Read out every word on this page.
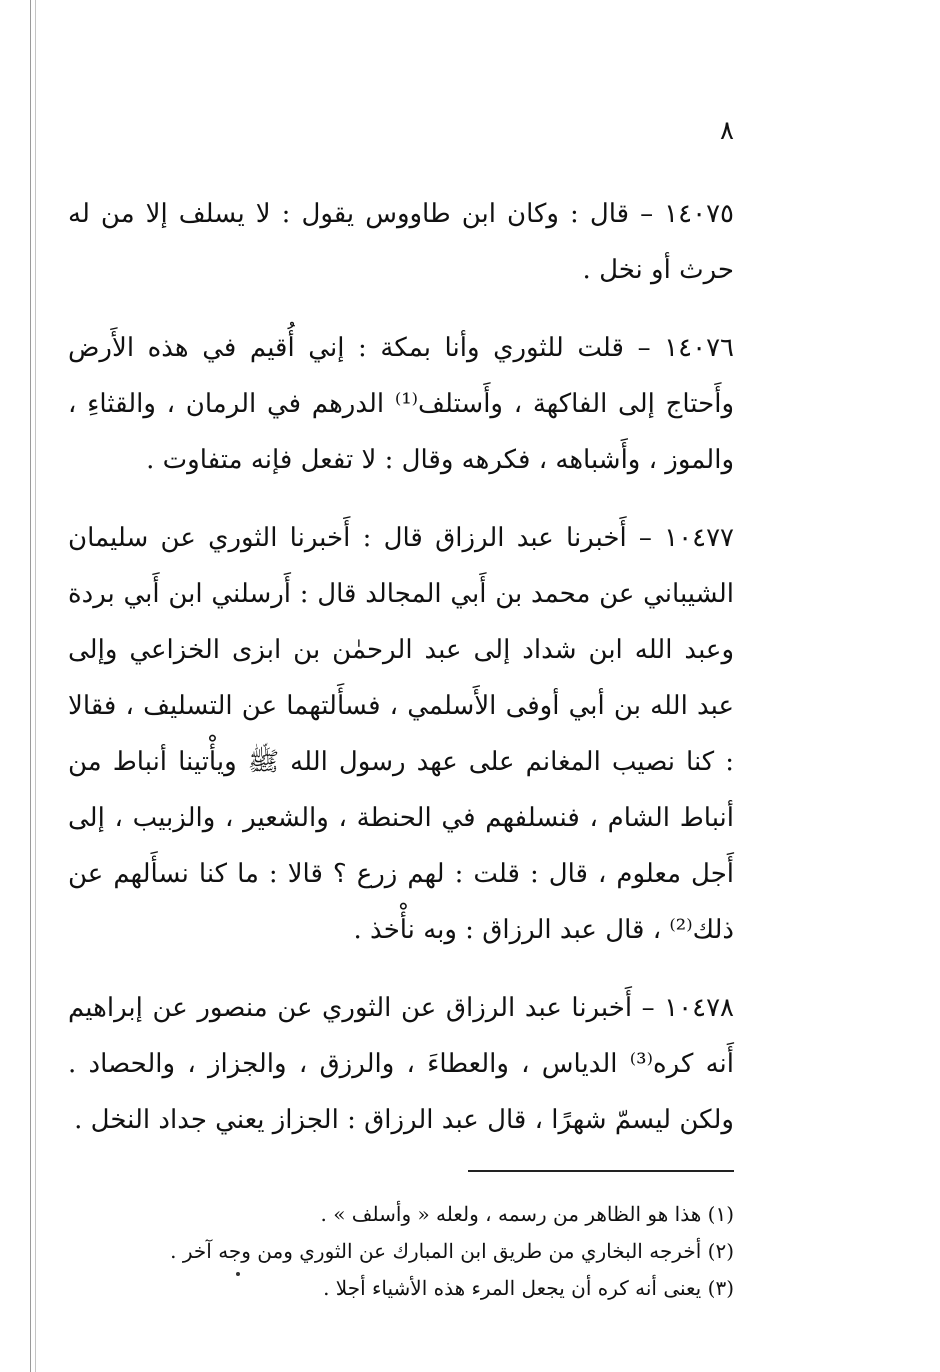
٨
١٤٠٧٥ – قال : وكان ابن طاووس يقول : لا يسلف إلا من له حرث أو نخل .
١٤٠٧٦ – قلت للثوري وأنا بمكة : إني أُقيم في هذه الأَرض وأَحتاج إلى الفاكهة ، وأَستلف⁽¹⁾ الدرهم في الرمان ، والقثاءِ ، والموز ، وأَشباهه ، فكرهه وقال : لا تفعل فإنه متفاوت .
١٠٤٧٧ – أَخبرنا عبد الرزاق قال : أَخبرنا الثوري عن سليمان الشيباني عن محمد بن أَبي المجالد قال : أَرسلني ابن أَبي بردة وعبد الله ابن شداد إلى عبد الرحمٰن بن ابزى الخزاعي وإلى عبد الله بن أبي أوفى الأَسلمي ، فسأَلتهما عن التسليف ، فقالا : كنا نصيب المغانم على عهد رسول الله ﷺ ويأْتينا أنباط من أنباط الشام ، فنسلفهم في الحنطة ، والشعير ، والزبيب ، إلى أَجل معلوم ، قال : قلت : لهم زرع ؟ قالا : ما كنا نسأَلهم عن ذلك⁽²⁾ ، قال عبد الرزاق : وبه نأْخذ .
١٠٤٧٨ – أَخبرنا عبد الرزاق عن الثوري عن منصور عن إبراهيم أَنه كره⁽³⁾ الدياس ، والعطاءَ ، والرزق ، والجزاز ، والحصاد . ولكن ليسمّ شهرًا ، قال عبد الرزاق : الجزاز يعني جداد النخل .
(١) هذا هو الظاهر من رسمه ، ولعله « وأسلف » .
(٢) أخرجه البخاري من طريق ابن المبارك عن الثوري ومن وجه آخر .
(٣) يعنى أنه كره أن يجعل المرء هذه الأشياء أجلا .
